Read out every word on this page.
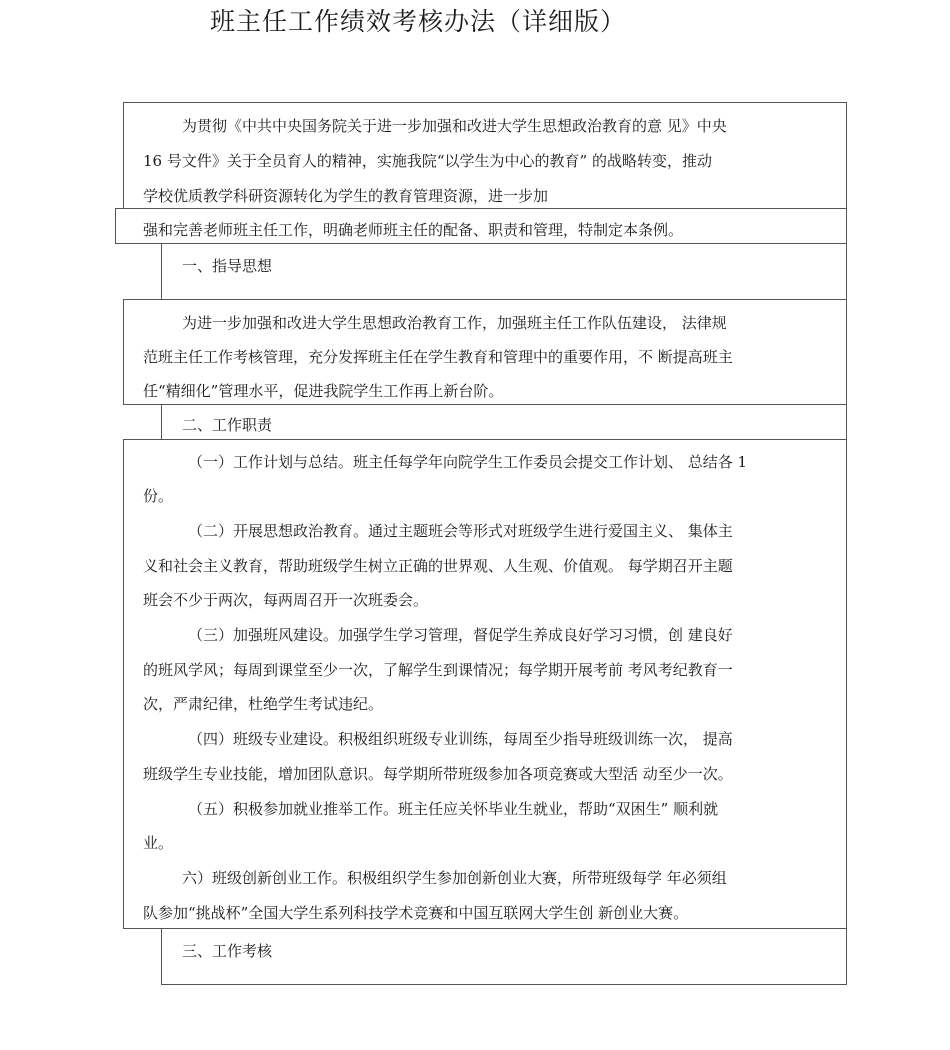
班主任工作绩效考核办法（详细版）
为贯彻《中共中央国务院关于进一步加强和改进大学生思想政治教育的意 见》中央
16 号文件》关于全员育人的精神，实施我院“以学生为中心的教育” 的战略转变，推动
学校优质教学科研资源转化为学生的教育管理资源，进一步加
强和完善老师班主任工作，明确老师班主任的配备、职责和管理，特制定本条例。
一、指导思想
为进一步加强和改进大学生思想政治教育工作，加强班主任工作队伍建设， 法律规
范班主任工作考核管理，充分发挥班主任在学生教育和管理中的重要作用，不 断提高班主
任“精细化”管理水平，促进我院学生工作再上新台阶。
二、工作职责
（一）工作计划与总结。班主任每学年向院学生工作委员会提交工作计划、 总结各 1
份。
（二）开展思想政治教育。通过主题班会等形式对班级学生进行爱国主义、 集体主
义和社会主义教育，帮助班级学生树立正确的世界观、人生观、价值观。 每学期召开主题
班会不少于两次，每两周召开一次班委会。
（三）加强班风建设。加强学生学习管理，督促学生养成良好学习习惯，创 建良好
的班风学风；每周到课堂至少一次，了解学生到课情况；每学期开展考前 考风考纪教育一
次，严肃纪律，杜绝学生考试违纪。
（四）班级专业建设。积极组织班级专业训练，每周至少指导班级训练一次， 提高
班级学生专业技能，增加团队意识。每学期所带班级参加各项竞赛或大型活 动至少一次。
（五）积极参加就业推举工作。班主任应关怀毕业生就业，帮助“双困生” 顺利就
业。
六）班级创新创业工作。积极组织学生参加创新创业大赛，所带班级每学 年必须组
队参加“挑战杯”全国大学生系列科技学术竞赛和中国互联网大学生创 新创业大赛。
三、工作考核
